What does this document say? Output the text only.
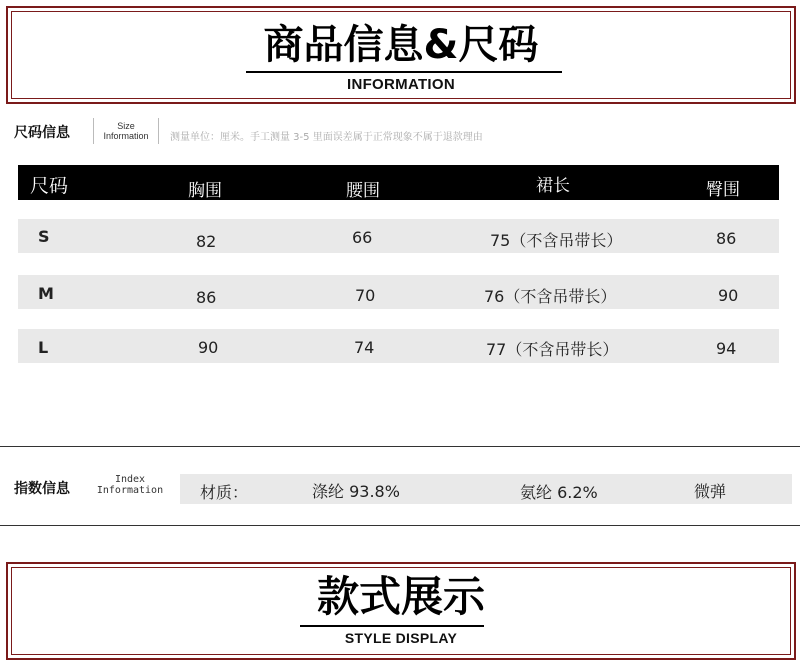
商品信息&尺码
INFORMATION
尺码信息	Size
Information	测量单位：厘米。手工测量 3-5 里面误差属于正常现象不属于退款理由
尺码	胸围	腰围	裙长	臀围
S	82	66	75（不含吊带长）	86
M	86	70	76（不含吊带长）	90
L	90	74	77（不含吊带长）	94
指数信息
Index
Information	材质：	涤纶 93.8%	氨纶 6.2%	微弹
款式展示
STYLE DISPLAY
